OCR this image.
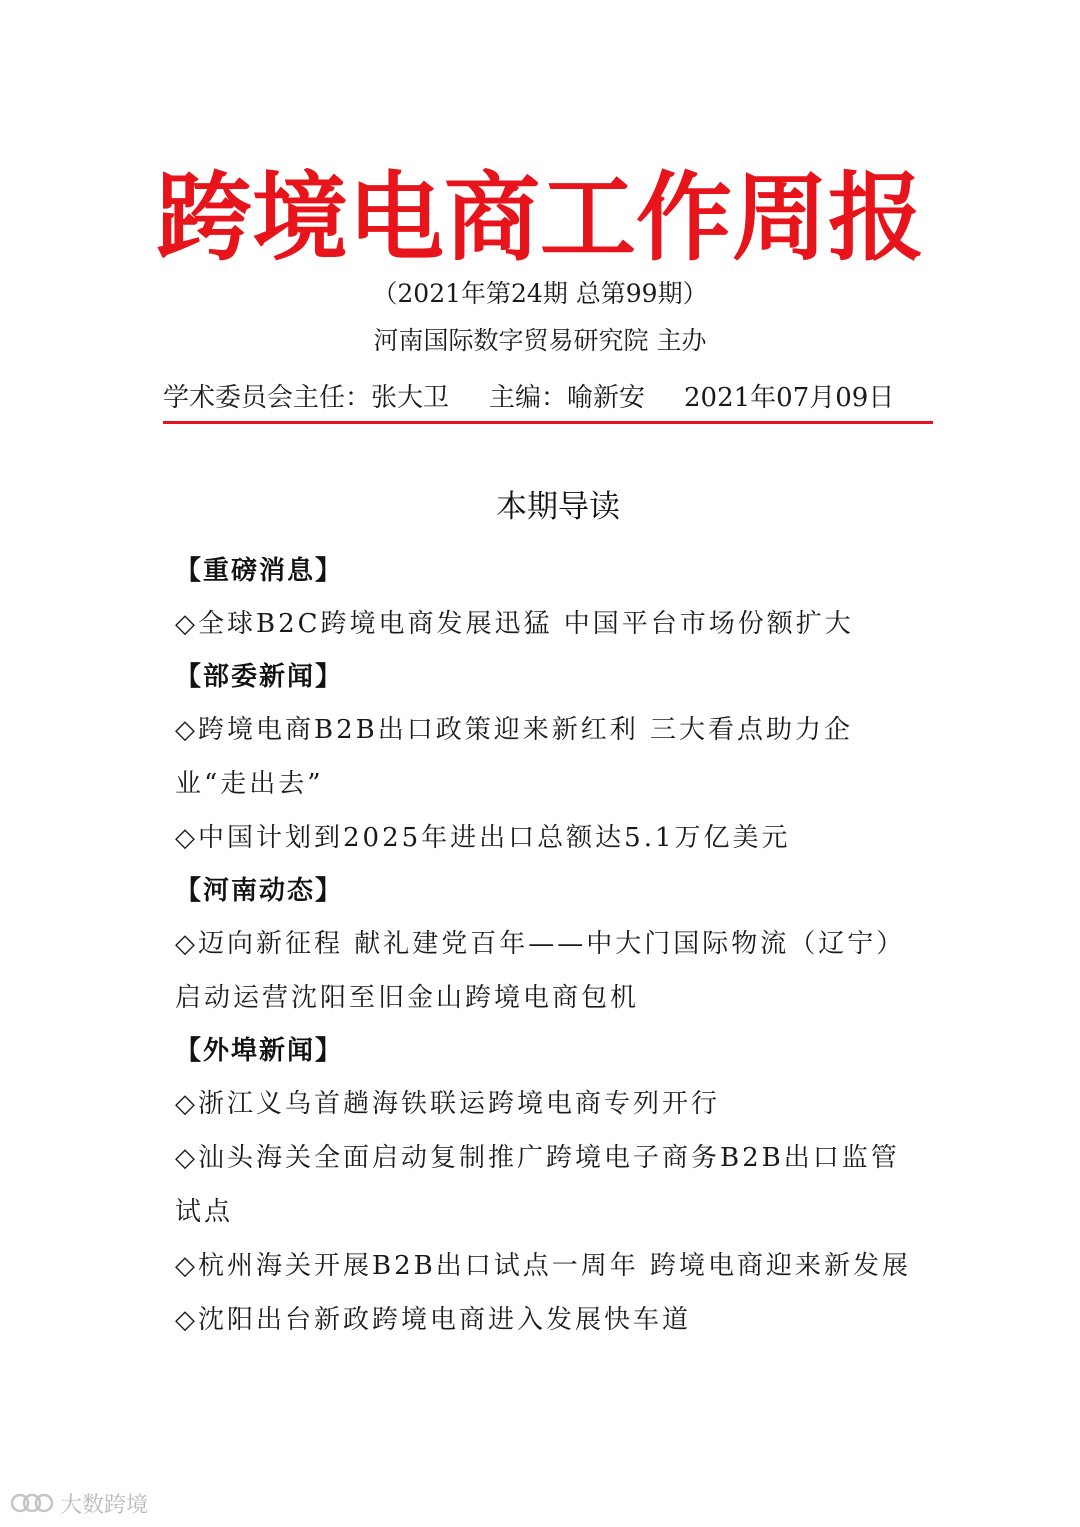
跨境电商工作周报
（2021年第24期 总第99期）
河南国际数字贸易研究院 主办
学术委员会主任：张大卫 主编：喻新安 2021年07月09日
本期导读
【重磅消息】
◇全球B2C跨境电商发展迅猛 中国平台市场份额扩大
【部委新闻】
◇跨境电商B2B出口政策迎来新红利 三大看点助力企业“走出去”
◇中国计划到2025年进出口总额达5.1万亿美元
【河南动态】
◇迈向新征程 献礼建党百年——中大门国际物流（辽宁）启动运营沈阳至旧金山跨境电商包机
【外埠新闻】
◇浙江义乌首趟海铁联运跨境电商专列开行
◇汕头海关全面启动复制推广跨境电子商务B2B出口监管试点
◇杭州海关开展B2B出口试点一周年 跨境电商迎来新发展
◇沈阳出台新政跨境电商进入发展快车道
大数跨境
